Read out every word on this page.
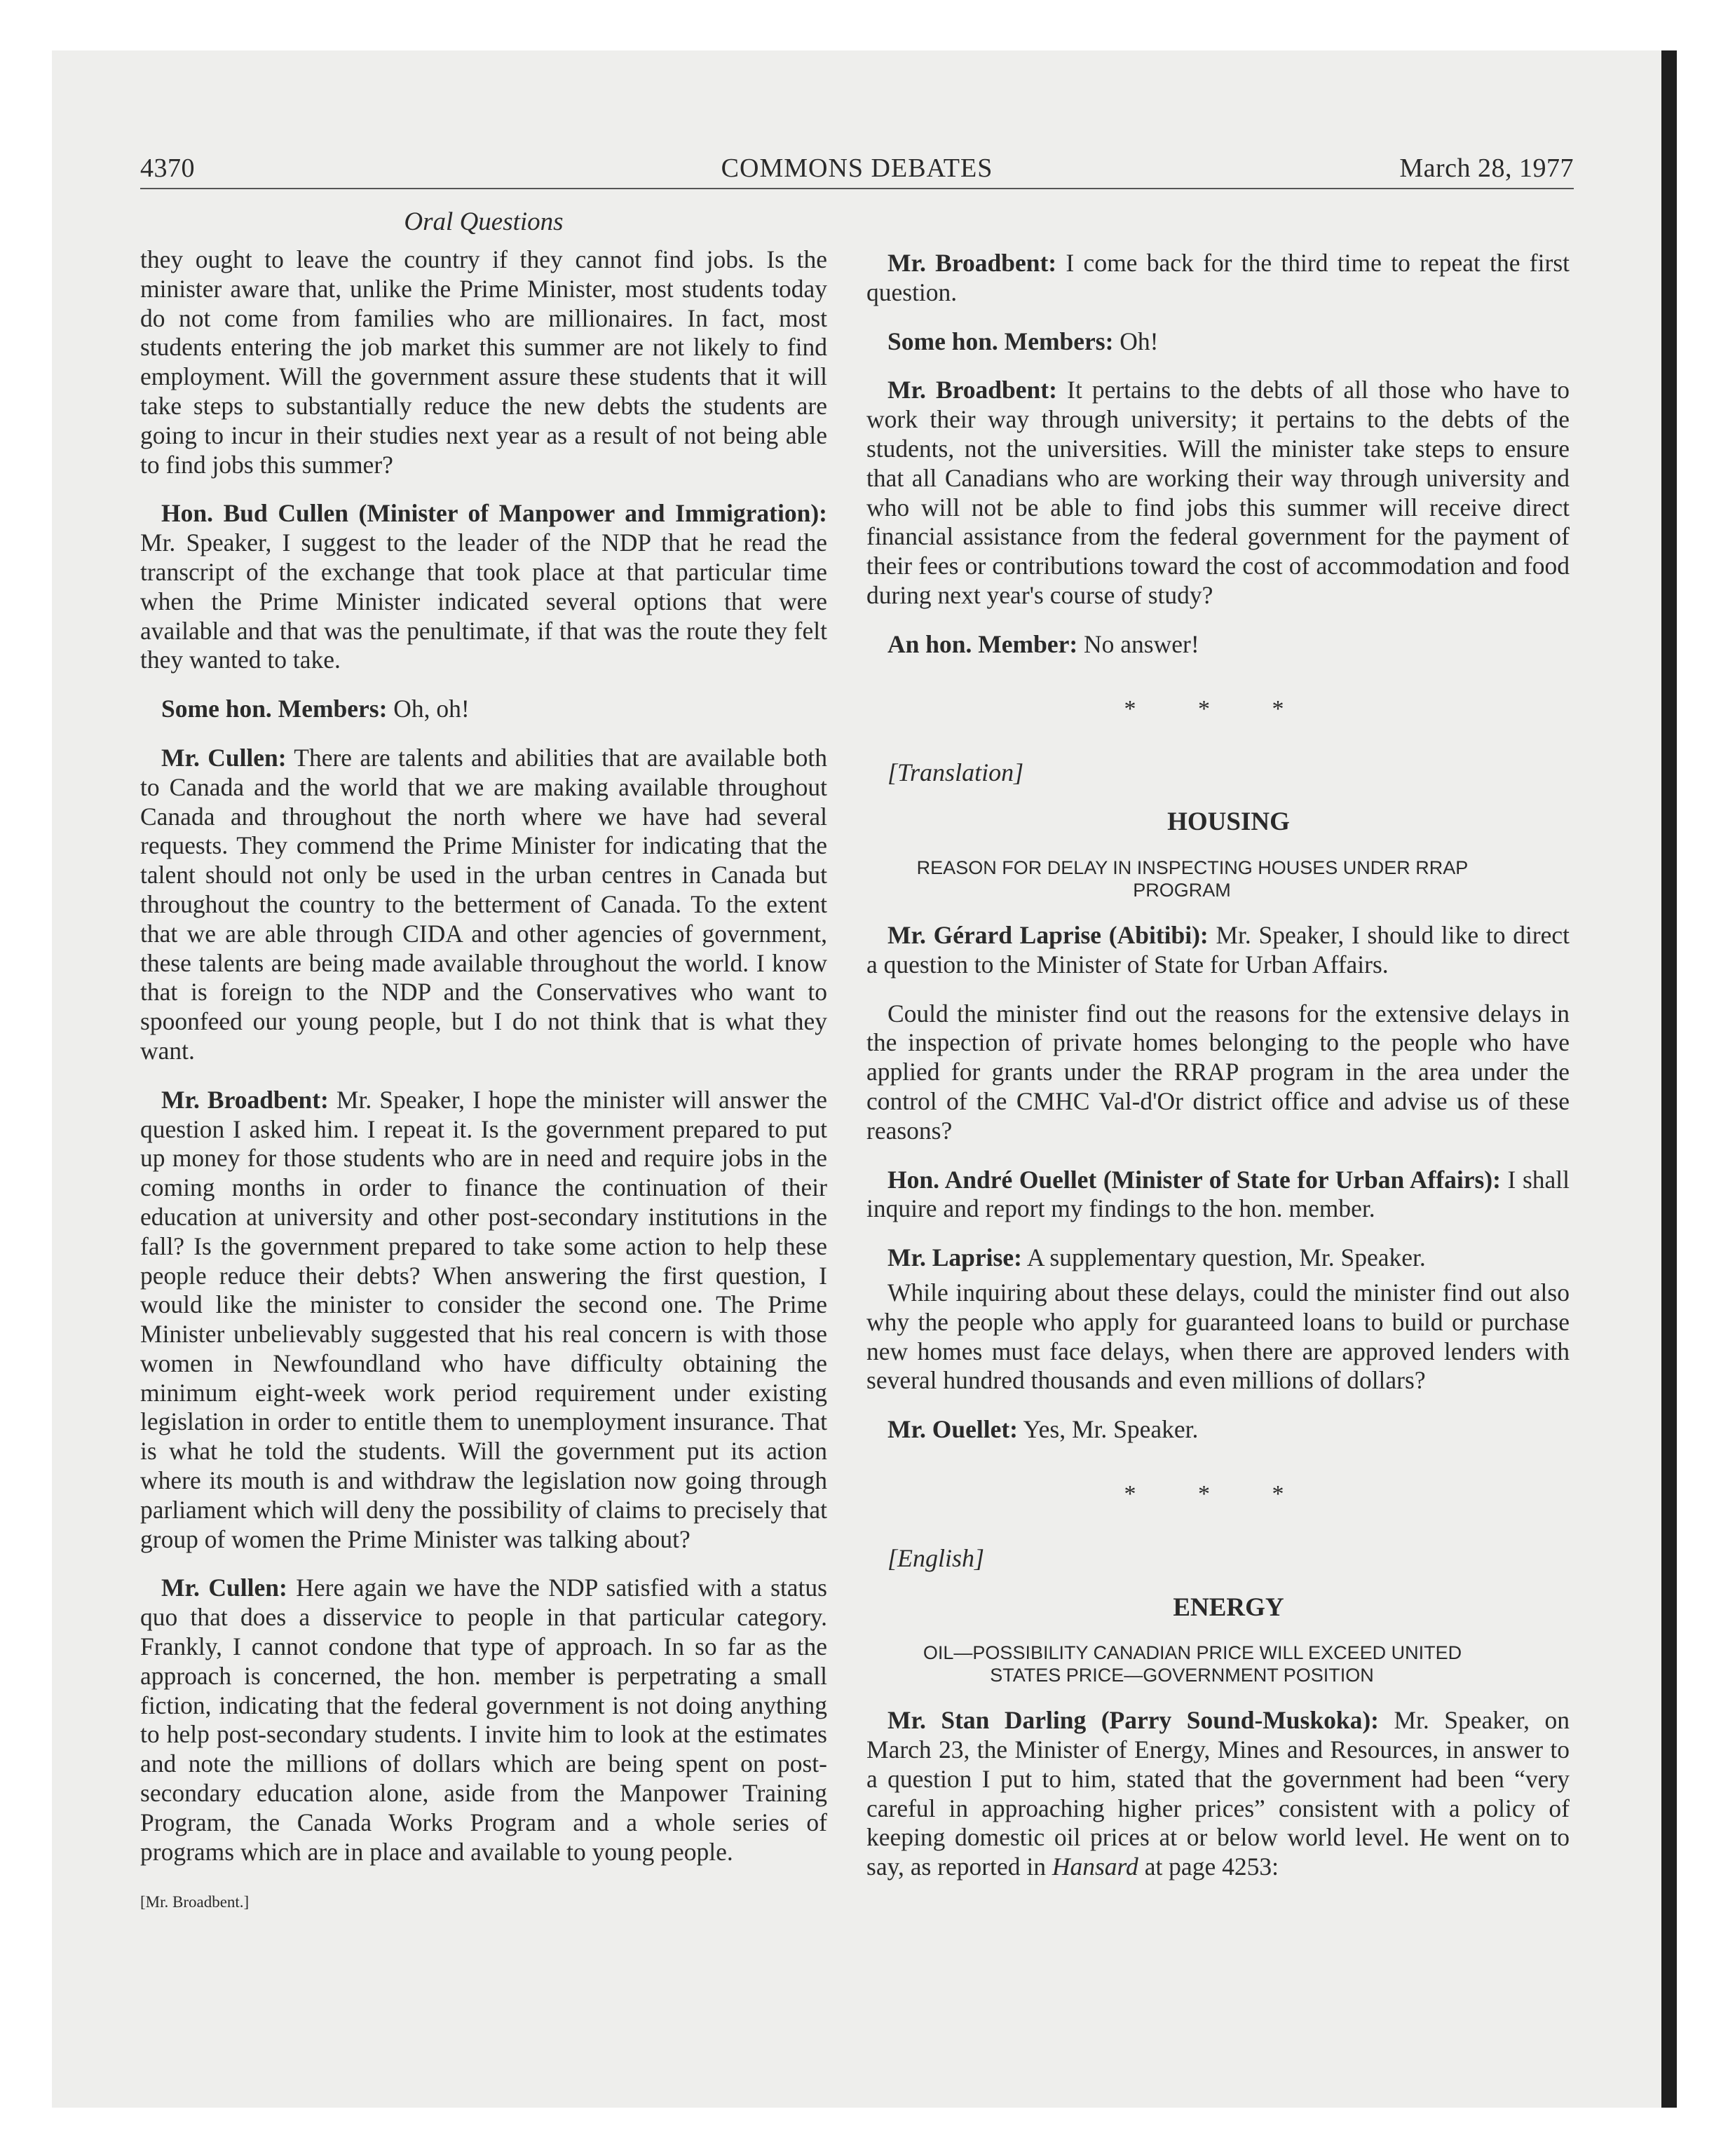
4370	COMMONS DEBATES	March 28, 1977
Oral Questions

they ought to leave the country if they cannot find jobs. Is the minister aware that, unlike the Prime Minister, most students today do not come from families who are millionaires. In fact, most students entering the job market this summer are not likely to find employment. Will the government assure these students that it will take steps to substantially reduce the new debts the students are going to incur in their studies next year as a result of not being able to find jobs this summer?

Hon. Bud Cullen (Minister of Manpower and Immigration): Mr. Speaker, I suggest to the leader of the NDP that he read the transcript of the exchange that took place at that particular time when the Prime Minister indicated several options that were available and that was the penultimate, if that was the route they felt they wanted to take.

Some hon. Members: Oh, oh!

Mr. Cullen: There are talents and abilities that are available both to Canada and the world that we are making available throughout Canada and throughout the north where we have had several requests. They commend the Prime Minister for indicating that the talent should not only be used in the urban centres in Canada but throughout the country to the betterment of Canada. To the extent that we are able through CIDA and other agencies of government, these talents are being made available throughout the world. I know that is foreign to the NDP and the Conservatives who want to spoonfeed our young people, but I do not think that is what they want.

Mr. Broadbent: Mr. Speaker, I hope the minister will answer the question I asked him. I repeat it. Is the government prepared to put up money for those students who are in need and require jobs in the coming months in order to finance the continuation of their education at university and other post-secondary institutions in the fall? Is the government prepared to take some action to help these people reduce their debts? When answering the first question, I would like the minister to consider the second one. The Prime Minister unbelievably suggested that his real concern is with those women in Newfoundland who have difficulty obtaining the minimum eight-week work period requirement under existing legislation in order to entitle them to unemployment insurance. That is what he told the students. Will the government put its action where its mouth is and withdraw the legislation now going through parliament which will deny the possibility of claims to precisely that group of women the Prime Minister was talking about?

Mr. Cullen: Here again we have the NDP satisfied with a status quo that does a disservice to people in that particular category. Frankly, I cannot condone that type of approach. In so far as the approach is concerned, the hon. member is perpetrating a small fiction, indicating that the federal government is not doing anything to help post-secondary students. I invite him to look at the estimates and note the millions of dollars which are being spent on post-secondary education alone, aside from the Manpower Training Program, the Canada Works Program and a whole series of programs which are in place and available to young people.

[Mr. Broadbent.]

Mr. Broadbent: I come back for the third time to repeat the first question.

Some hon. Members: Oh!

Mr. Broadbent: It pertains to the debts of all those who have to work their way through university; it pertains to the debts of the students, not the universities. Will the minister take steps to ensure that all Canadians who are working their way through university and who will not be able to find jobs this summer will receive direct financial assistance from the federal government for the payment of their fees or contributions toward the cost of accommodation and food during next year's course of study?

An hon. Member: No answer!

* * *

[Translation]

HOUSING

REASON FOR DELAY IN INSPECTING HOUSES UNDER RRAP PROGRAM

Mr. Gérard Laprise (Abitibi): Mr. Speaker, I should like to direct a question to the Minister of State for Urban Affairs.

Could the minister find out the reasons for the extensive delays in the inspection of private homes belonging to the people who have applied for grants under the RRAP program in the area under the control of the CMHC Val-d'Or district office and advise us of these reasons?

Hon. André Ouellet (Minister of State for Urban Affairs): I shall inquire and report my findings to the hon. member.

Mr. Laprise: A supplementary question, Mr. Speaker.

While inquiring about these delays, could the minister find out also why the people who apply for guaranteed loans to build or purchase new homes must face delays, when there are approved lenders with several hundred thousands and even millions of dollars?

Mr. Ouellet: Yes, Mr. Speaker.

* * *

[English]

ENERGY

OIL—POSSIBILITY CANADIAN PRICE WILL EXCEED UNITED STATES PRICE—GOVERNMENT POSITION

Mr. Stan Darling (Parry Sound-Muskoka): Mr. Speaker, on March 23, the Minister of Energy, Mines and Resources, in answer to a question I put to him, stated that the government had been “very careful in approaching higher prices” consistent with a policy of keeping domestic oil prices at or below world level. He went on to say, as reported in Hansard at page 4253:
